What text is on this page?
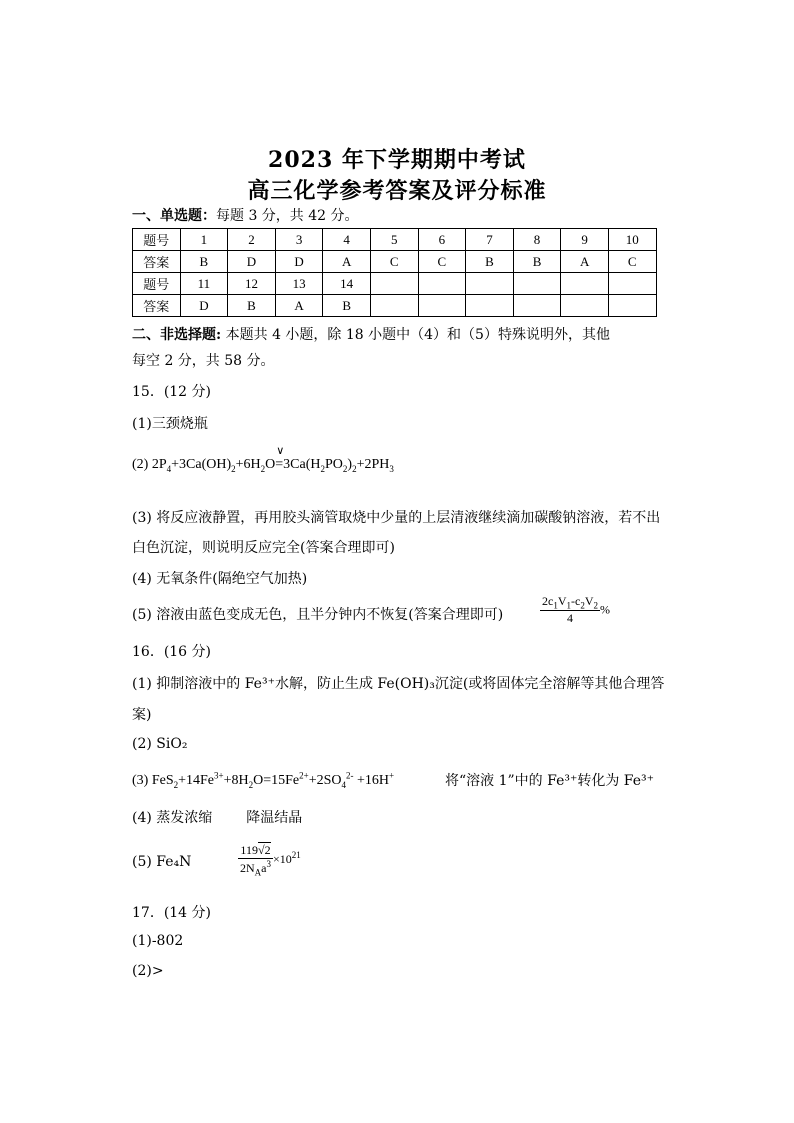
2023 年下学期期中考试
高三化学参考答案及评分标准
一、单选题：每题 3 分，共 42 分。
题号	1	2	3	4	5	6	7	8	9	10
答案	B	D	D	A	C	C	B	B	A	C
题号	11	12	13	14						
答案	D	B	A	B						
二、非选择题: 本题共 4 小题，除 18 小题中（4）和（5）特殊说明外，其他
每空 2 分，共 58 分。
15．(12 分)
(1)三颈烧瓶
(2) $2P_4+3Ca(OH)_2+6H_2O=$
∨
$3Ca(H_2PO_2)_2+2PH_3$
(3) 将反应液静置，再用胶头滴管取烧中少量的上层清液继续滴加碳酸钠溶液，若不出
白色沉淀，则说明反应完全(答案合理即可)
(4) 无氧条件(隔绝空气加热)
(5) 溶液由蓝色变成无色，且半分钟内不恢复(答案合理即可)	$\frac{2c_1V_1-c_2V_2}{4}$ %
16．(16 分)
(1) 抑制溶液中的 Fe³⁺水解，防止生成 Fe(OH)₃沉淀(或将固体完全溶解等其他合理答
案)
(2) SiO₂
(3) $FeS_2+14Fe^{3+}+8H_2O=15Fe^{2+}+2SO_4^{2-} +16H^+$	将“溶液 1”中的 Fe³⁺转化为 Fe³⁺
(4) 蒸发浓缩 降温结晶
(5) Fe₄N	$\frac{119√2}{2N_Aa^3} \times 10^{21}$
17．(14 分)
(1)-802
(2)>
